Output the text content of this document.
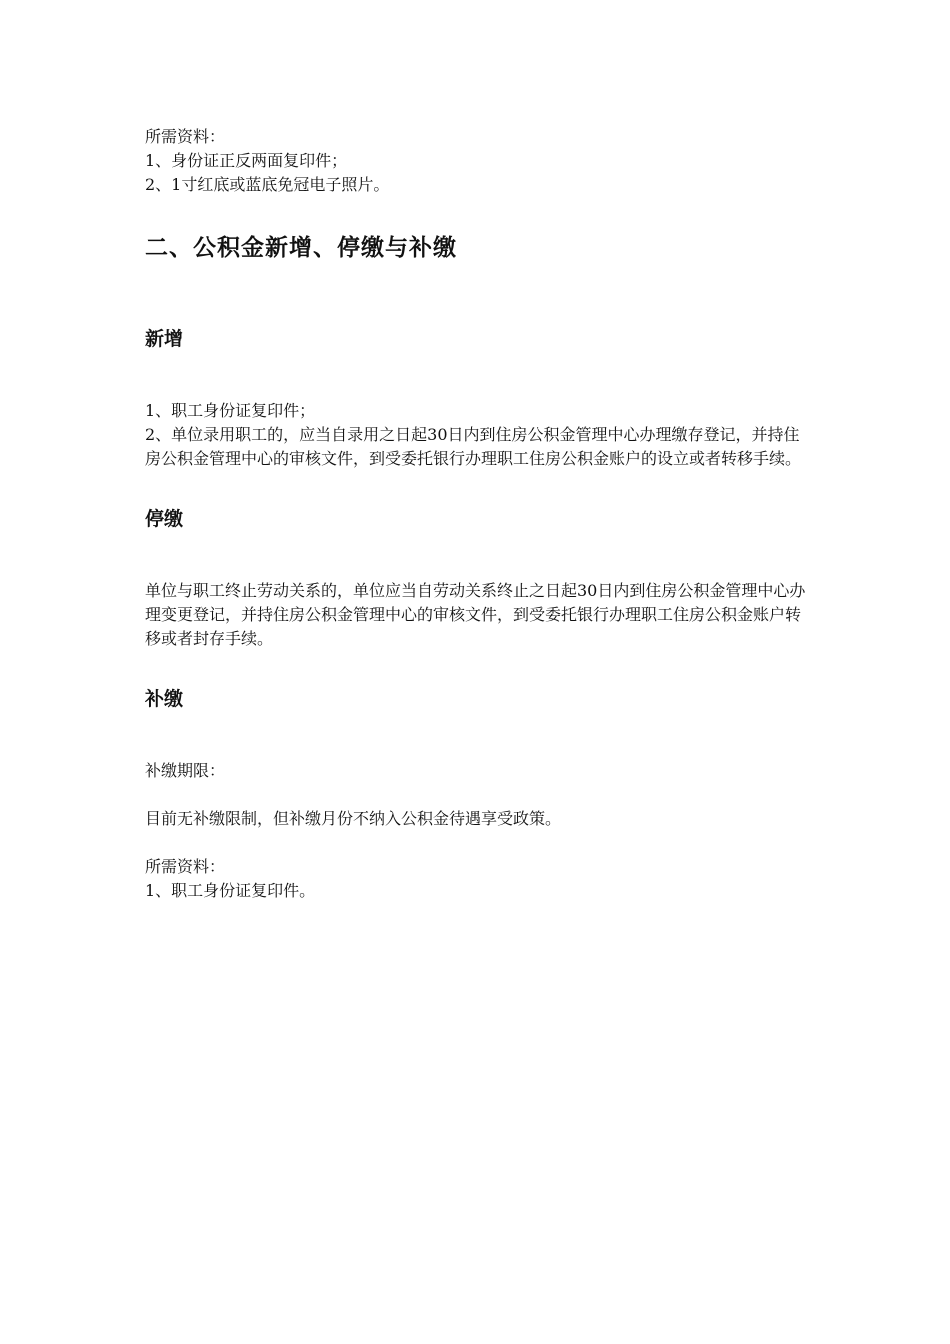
所需资料：

1、身份证正反两面复印件；

2、1寸红底或蓝底免冠电子照片。

二、公积金新增、停缴与补缴
新增

1、职工身份证复印件；

2、单位录用职工的，应当自录用之日起30日内到住房公积金管理中心办理缴存登记，并持住房公积金管理中心的审核文件，到受委托银行办理职工住房公积金账户的设立或者转移手续。

停缴

单位与职工终止劳动关系的，单位应当自劳动关系终止之日起30日内到住房公积金管理中心办理变更登记，并持住房公积金管理中心的审核文件，到受委托银行办理职工住房公积金账户转移或者封存手续。

补缴

补缴期限：

目前无补缴限制，但补缴月份不纳入公积金待遇享受政策。

所需资料：

1、职工身份证复印件。
